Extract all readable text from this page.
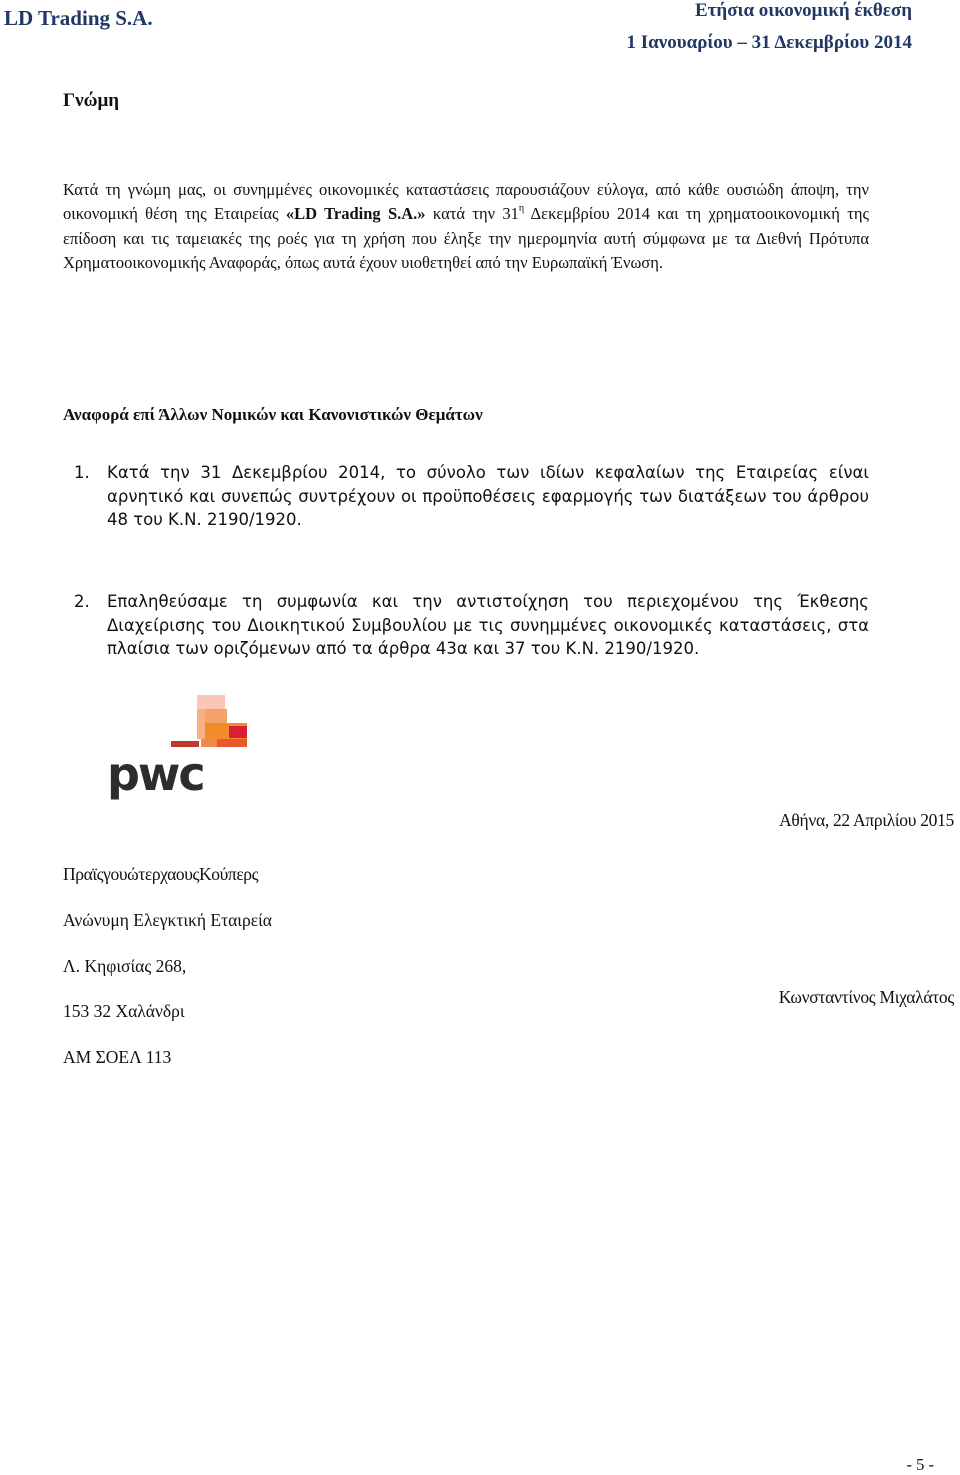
LD Trading S.A.	Ετήσια οικονομική έκθεση
1 Ιανουαρίου – 31 Δεκεμβρίου 2014
Γνώμη
Κατά τη γνώμη μας, οι συνημμένες οικονομικές καταστάσεις παρουσιάζουν εύλογα, από κάθε ουσιώδη άποψη, την οικονομική θέση της Εταιρείας «LD Trading S.A.» κατά την $31^\eta$ Δεκεμβρίου 2014 και τη χρηματοοικονομική της επίδοση και τις ταμειακές της ροές για τη χρήση που έληξε την ημερομηνία αυτή σύμφωνα με τα Διεθνή Πρότυπα Χρηματοοικονομικής Αναφοράς, όπως αυτά έχουν υιοθετηθεί από την Ευρωπαϊκή Ένωση.
Αναφορά επί Άλλων Νομικών και Κανονιστικών Θεμάτων
1. Κατά την 31 Δεκεμβρίου 2014, το σύνολο των ιδίων κεφαλαίων της Εταιρείας είναι αρνητικό και συνεπώς συντρέχουν οι προϋποθέσεις εφαρμογής των διατάξεων του άρθρου 48 του Κ.Ν. 2190/1920.
2. Επαληθεύσαμε τη συμφωνία και την αντιστοίχηση του περιεχομένου της Έκθεσης Διαχείρισης του Διοικητικού Συμβουλίου με τις συνημμένες οικονομικές καταστάσεις, στα πλαίσια των οριζόμενων από τα άρθρα 43α και 37 του Κ.Ν. 2190/1920.
pwc
Αθήνα, 22 Απριλίου 2015
ΠραϊςγουώτερχαουςΚούπερς
Ανώνυμη Ελεγκτική Εταιρεία
Λ. Κηφισίας 268,
153 32 Χαλάνδρι
ΑΜ ΣΟΕΛ 113
Κωνσταντίνος Μιχαλάτος
- 5 -
